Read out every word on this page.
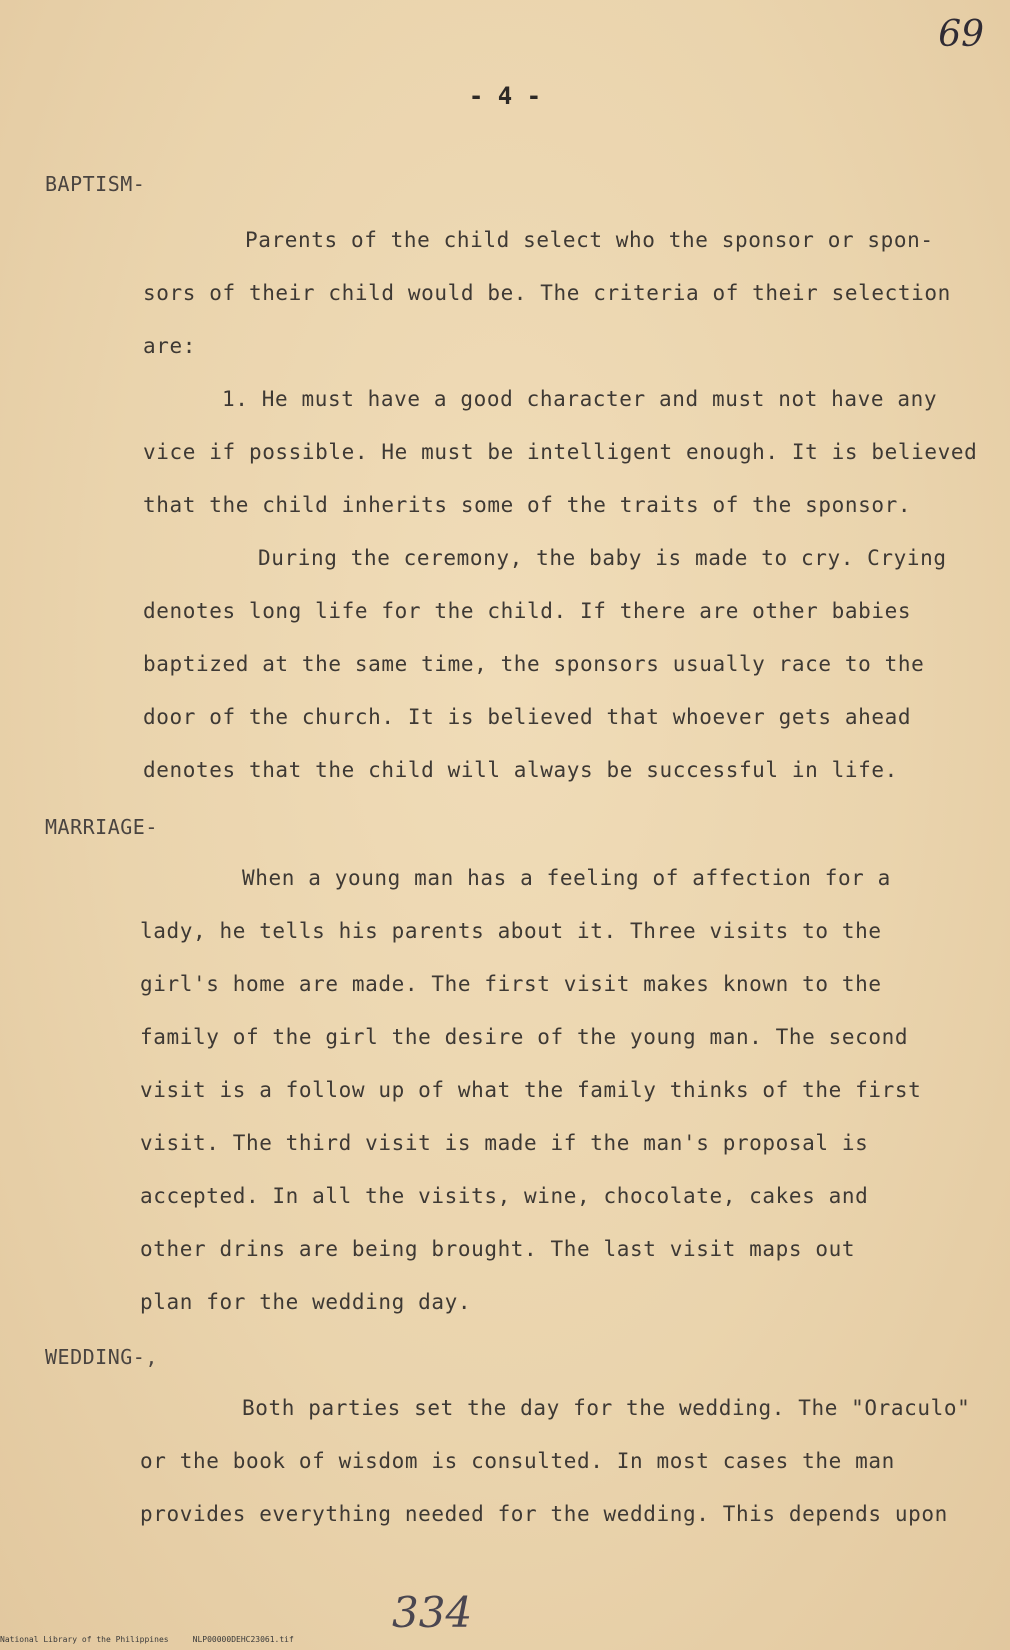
69
- 4 -
BAPTISM-
Parents of the child select who the sponsor or spon-
sors of their child would be. The criteria of their selection
are:
1. He must have a good character and must not have any
vice if possible. He must be intelligent enough. It is believed
that the child inherits some of the traits of the sponsor.
During the ceremony, the baby is made to cry. Crying
denotes long life for the child. If there are other babies
baptized at the same time, the sponsors usually race to the
door of the church. It is believed that whoever gets ahead
denotes that the child will always be successful in life.
MARRIAGE-
When a young man has a feeling of affection for a
lady, he tells his parents about it. Three visits to the
girl's home are made. The first visit makes known to the
family of the girl the desire of the young man. The second
visit is a follow up of what the family thinks of the first
visit. The third visit is made if the man's proposal is
accepted. In all the visits, wine, chocolate, cakes and
other drins are being brought. The last visit maps out
plan for the wedding day.
WEDDING-,
Both parties set the day for the wedding. The "Oraculo"
or the book of wisdom is consulted. In most cases the man
provides everything needed for the wedding. This depends upon
334
National Library of the Philippines     NLP00000DEHC23061.tif
